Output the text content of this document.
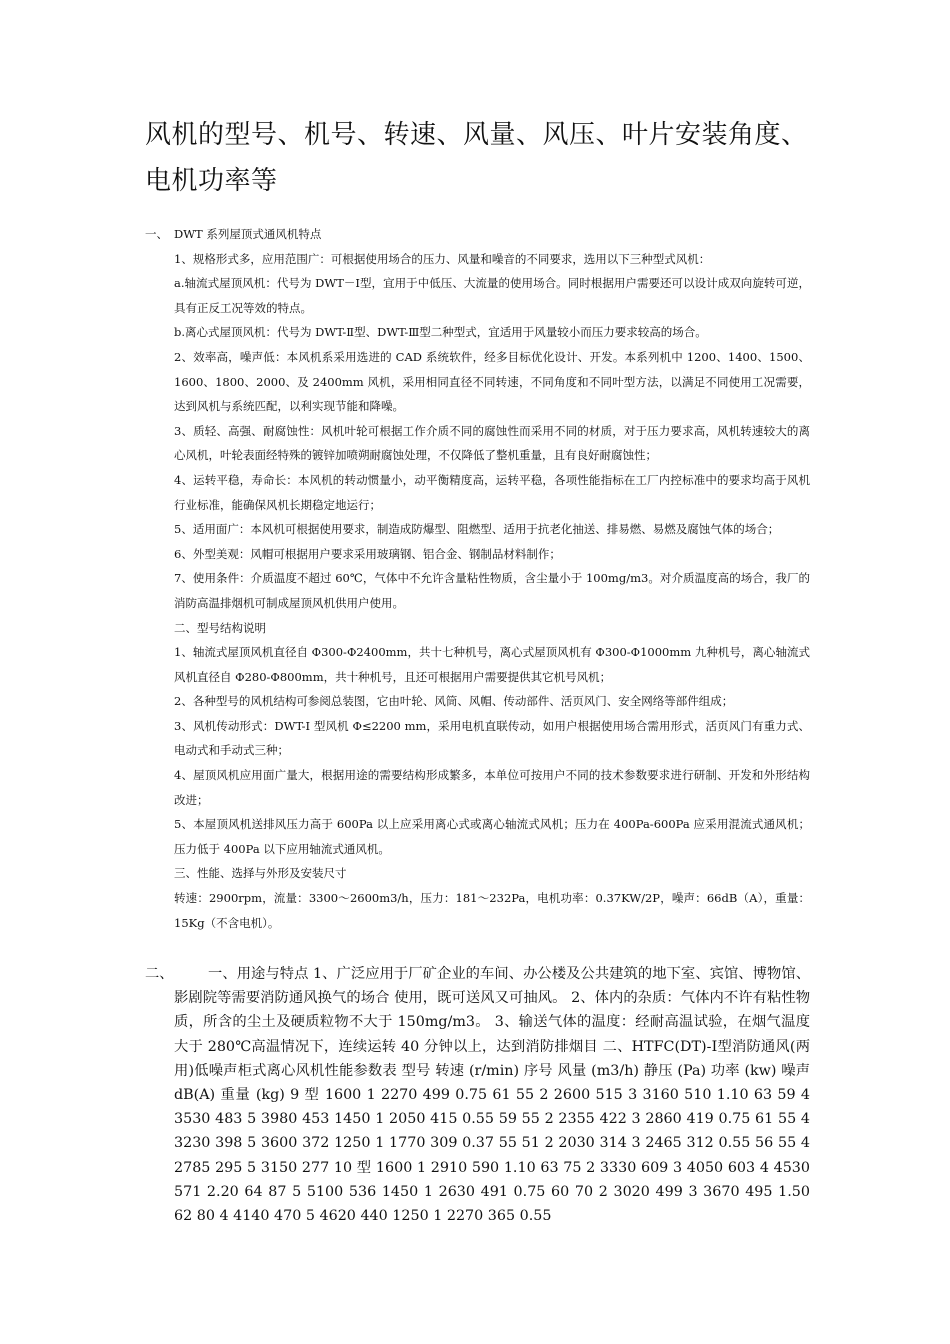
风机的型号、机号、转速、风量、风压、叶片安装角度、电机功率等
一、 DWT 系列屋顶式通风机特点

1、规格形式多，应用范围广：可根据使用场合的压力、风量和噪音的不同要求，选用以下三种型式风机：

a.轴流式屋顶风机：代号为 DWT－Ⅰ型，宜用于中低压、大流量的使用场合。同时根据用户需要还可以设计成双向旋转可逆，具有正反工况等效的特点。

b.离心式屋顶风机：代号为 DWT-Ⅱ型、DWT-Ⅲ型二种型式，宜适用于风量较小而压力要求较高的场合。

2、效率高，噪声低：本风机系采用选进的 CAD 系统软件，经多目标优化设计、开发。本系列机中 1200、1400、1500、1600、1800、2000、及 2400mm 风机，采用相同直径不同转速，不同角度和不同叶型方法，以满足不同使用工况需要，达到风机与系统匹配，以利实现节能和降噪。

3、质轻、高强、耐腐蚀性：风机叶轮可根据工作介质不同的腐蚀性而采用不同的材质，对于压力要求高，风机转速较大的离心风机，叶轮表面经特殊的镀锌加喷朔耐腐蚀处理，不仅降低了整机重量，且有良好耐腐蚀性；

4、运转平稳，寿命长：本风机的转动惯量小，动平衡精度高，运转平稳，各项性能指标在工厂内控标准中的要求均高于风机行业标准，能确保风机长期稳定地运行；

5、适用面广：本风机可根据使用要求，制造成防爆型、阻燃型、适用于抗老化抽送、排易燃、易燃及腐蚀气体的场合；

6、外型美观：风帽可根据用户要求采用玻璃钢、铝合金、钢制品材料制作；

7、使用条件：介质温度不超过 60℃，气体中不允许含量粘性物质，含尘量小于 100mg/m3。对介质温度高的场合，我厂的消防高温排烟机可制成屋顶风机供用户使用。

二、型号结构说明

1、轴流式屋顶风机直径自 Φ300-Φ2400mm，共十七种机号，离心式屋顶风机有 Φ300-Φ1000mm 九种机号，离心轴流式风机直径自 Φ280-Φ800mm，共十种机号，且还可根据用户需要提供其它机号风机；

2、各种型号的风机结构可参阅总装图，它由叶轮、风筒、风帽、传动部件、活页风门、安全网络等部件组成；

3、风机传动形式：DWT-I 型风机 Φ≤2200 mm，采用电机直联传动，如用户根据使用场合需用形式，活页风门有重力式、电动式和手动式三种；

4、屋顶风机应用面广量大，根据用途的需要结构形成繁多，本单位可按用户不同的技术参数要求进行研制、开发和外形结构改进；

5、本屋顶风机送排风压力高于 600Pa 以上应采用离心式或离心轴流式风机；压力在 400Pa-600Pa 应采用混流式通风机；压力低于 400Pa 以下应用轴流式通风机。

三、性能、选择与外形及安装尺寸

转速：2900rpm，流量：3300～2600m3/h，压力：181～232Pa，电机功率：0.37KW/2P，噪声：66dB（A），重量：15Kg（不含电机）。

二、	一、用途与特点 1、广泛应用于厂矿企业的车间、办公楼及公共建筑的地下室、宾馆、博物馆、影剧院等需要消防通风换气的场合 使用，既可送风又可抽风。 2、体内的杂质：气体内不许有粘性物质，所含的尘土及硬质粒物不大于 150mg/m3。 3、输送气体的温度：经耐高温试验，在烟气温度大于 280℃高温情况下，连续运转 40 分钟以上，达到消防排烟目 二、HTFC(DT)-Ⅰ型消防通风(两用)低噪声柜式离心风机性能参数表 型号 转速 (r/min) 序号 风量 (m3/h) 静压 (Pa) 功率 (kw) 噪声 dB(A) 重量 (kg) 9 型 1600 1 2270 499 0.75 61 55 2 2600 515 3 3160 510 1.10 63 59 4 3530 483 5 3980 453 1450 1 2050 415 0.55 59 55 2 2355 422 3 2860 419 0.75 61 55 4 3230 398 5 3600 372 1250 1 1770 309 0.37 55 51 2 2030 314 3 2465 312 0.55 56 55 4 2785 295 5 3150 277 10 型 1600 1 2910 590 1.10 63 75 2 3330 609 3 4050 603 4 4530 571 2.20 64 87 5 5100 536 1450 1 2630 491 0.75 60 70 2 3020 499 3 3670 495 1.50 62 80 4 4140 470 5 4620 440 1250 1 2270 365 0.55
